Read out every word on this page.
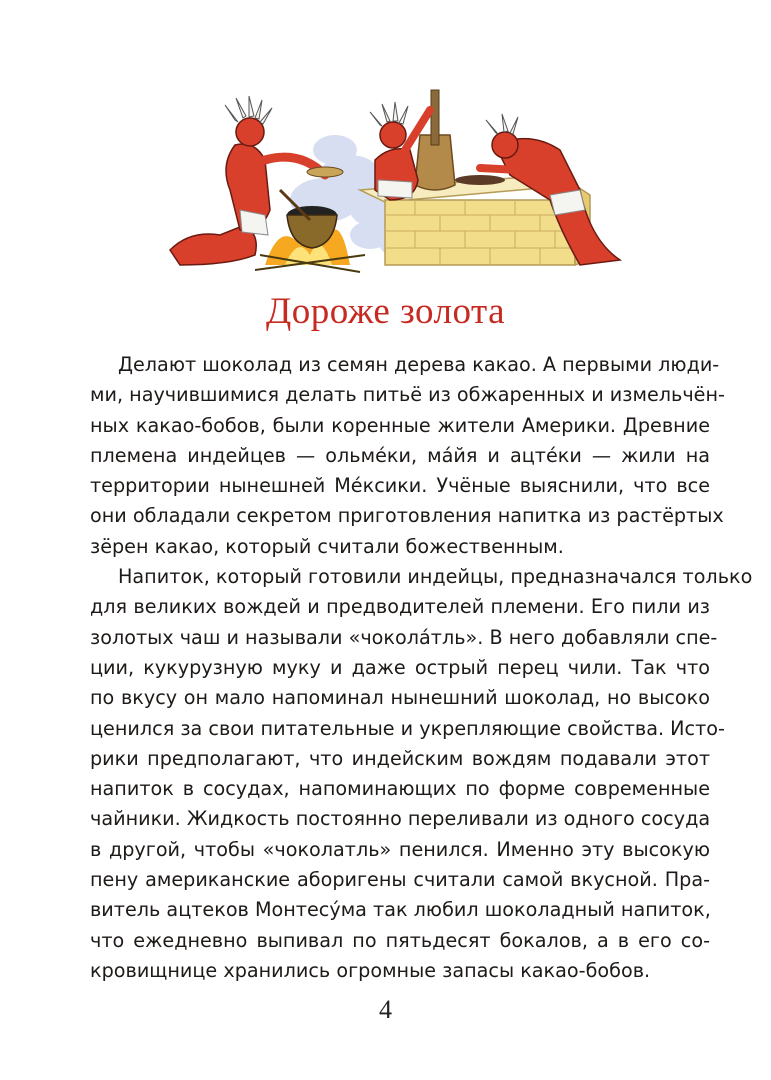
Дороже золота

Делают шоколад из семян дерева какао. А первыми люди-
ми, научившимися делать питьё из обжаренных и измельчён-
ных какао-бобов, были коренные жители Америки. Древние
племена индейцев — ольме́ки, ма́йя и ацте́ки — жили на
территории нынешней Ме́ксики. Учёные выяснили, что все
они обладали секретом приготовления напитка из растёртых
зёрен какао, который считали божественным.

Напиток, который готовили индейцы, предназначался только
для великих вождей и предводителей племени. Его пили из
золотых чаш и называли «чокола́тль». В него добавляли спе-
ции, кукурузную муку и даже острый перец чили. Так что
по вкусу он мало напоминал нынешний шоколад, но высоко
ценился за свои питательные и укрепляющие свойства. Исто-
рики предполагают, что индейским вождям подавали этот
напиток в сосудах, напоминающих по форме современные
чайники. Жидкость постоянно переливали из одного сосуда
в другой, чтобы «чоколатль» пенился. Именно эту высокую
пену американские аборигены считали самой вкусной. Пра-
витель ацтеков Монтесу́ма так любил шоколадный напиток,
что ежедневно выпивал по пятьдесят бокалов, а в его со-
кровищнице хранились огромные запасы какао-бобов.

4
